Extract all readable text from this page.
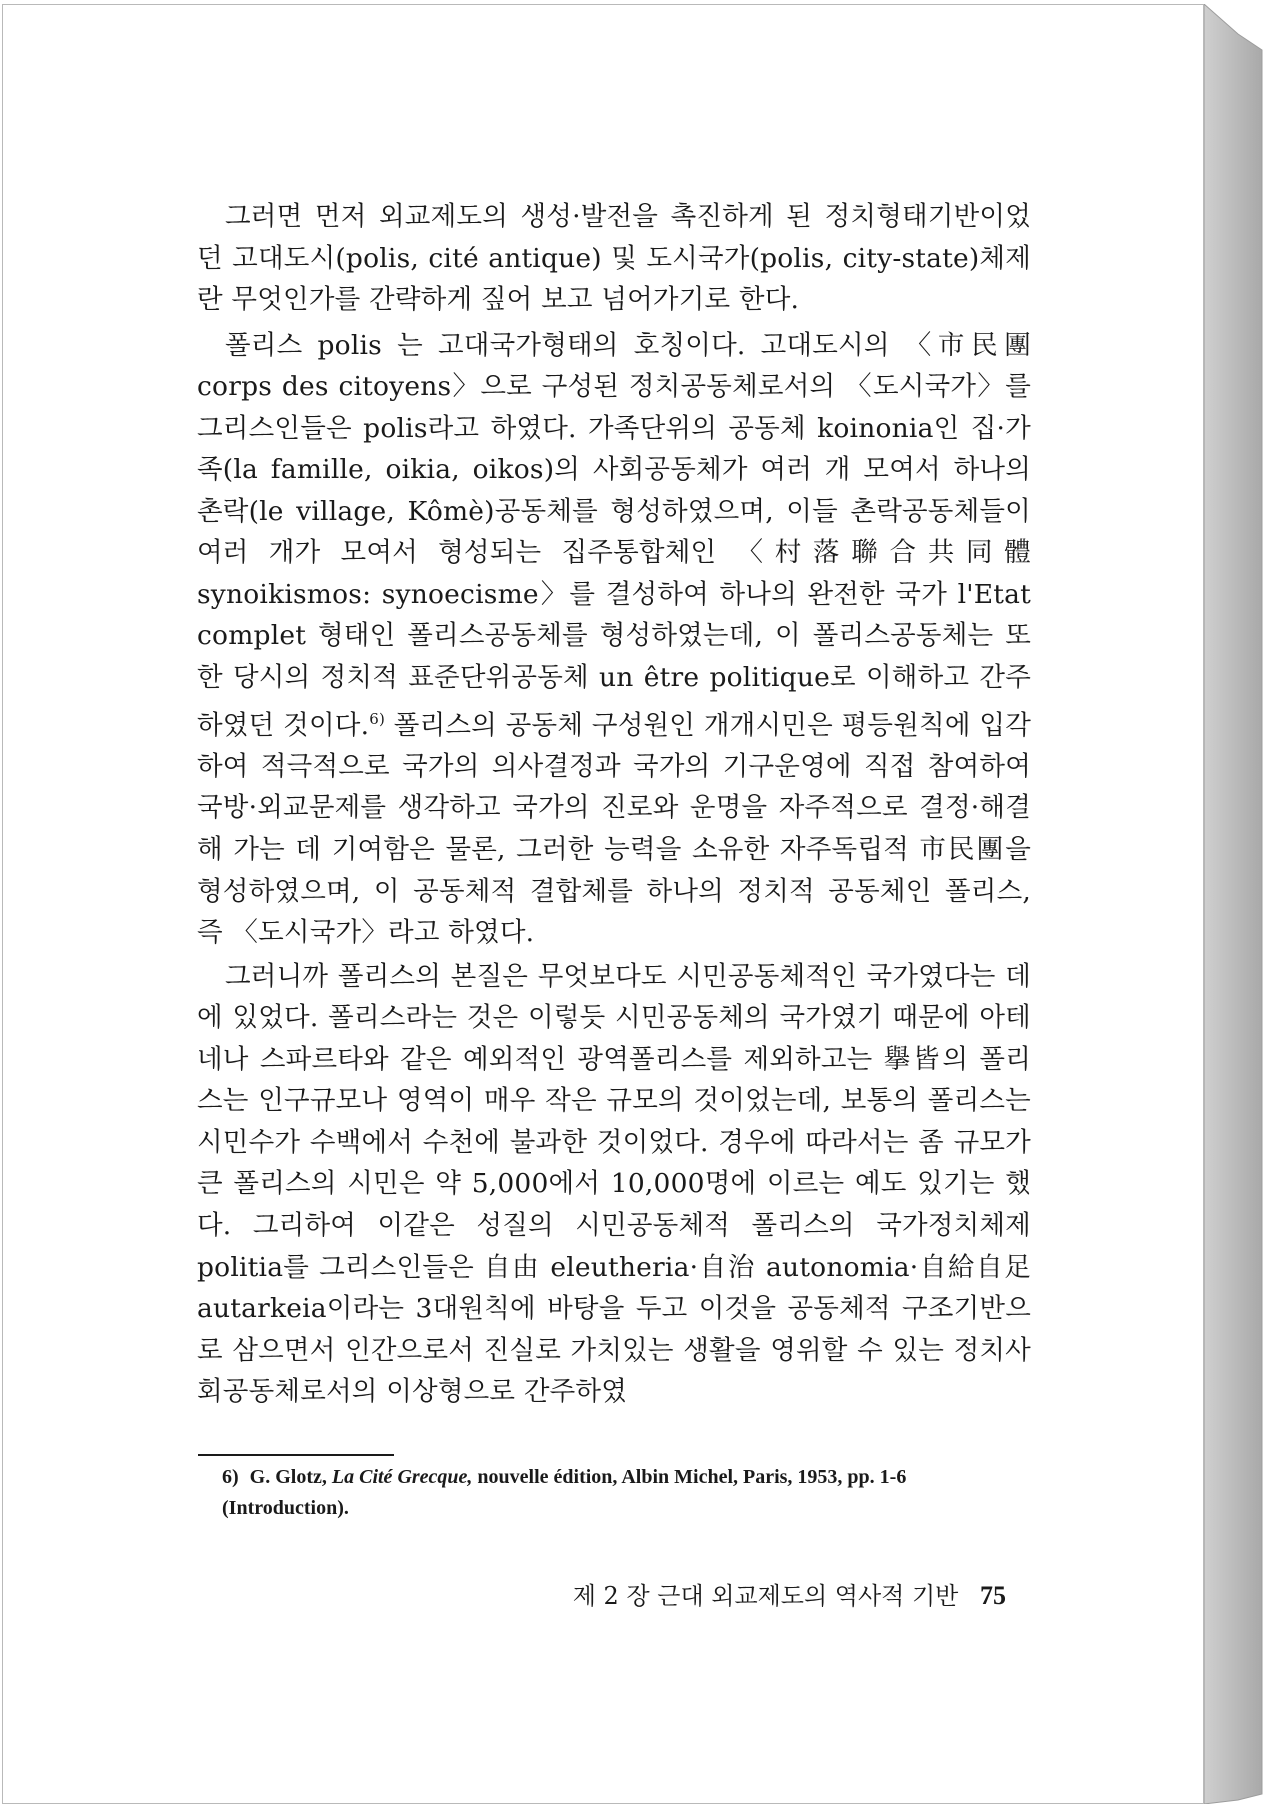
그러면 먼저 외교제도의 생성·발전을 촉진하게 된 정치형태기반이었던 고대도시(polis, cité antique) 및 도시국가(polis, city-state)체제란 무엇인가를 간략하게 짚어 보고 넘어가기로 한다.

폴리스 polis 는 고대국가형태의 호칭이다. 고대도시의 〈市民團 corps des citoyens〉으로 구성된 정치공동체로서의 〈도시국가〉를 그리스인들은 polis라고 하였다. 가족단위의 공동체 koinonia인 집·가족(la famille, oikia, oikos)의 사회공동체가 여러 개 모여서 하나의 촌락(le village, Kômè)공동체를 형성하였으며, 이들 촌락공동체들이 여러 개가 모여서 형성되는 집주통합체인 〈村落聯合共同體 synoikismos: synoecisme〉를 결성하여 하나의 완전한 국가 l'Etat complet 형태인 폴리스공동체를 형성하였는데, 이 폴리스공동체는 또한 당시의 정치적 표준단위공동체 un être politique로 이해하고 간주하였던 것이다.$^{6)}$ 폴리스의 공동체 구성원인 개개시민은 평등원칙에 입각하여 적극적으로 국가의 의사결정과 국가의 기구운영에 직접 참여하여 국방·외교문제를 생각하고 국가의 진로와 운명을 자주적으로 결정·해결해 가는 데 기여함은 물론, 그러한 능력을 소유한 자주독립적 市民團을 형성하였으며, 이 공동체적 결합체를 하나의 정치적 공동체인 폴리스, 즉 〈도시국가〉라고 하였다.

그러니까 폴리스의 본질은 무엇보다도 시민공동체적인 국가였다는 데에 있었다. 폴리스라는 것은 이렇듯 시민공동체의 국가였기 때문에 아테네나 스파르타와 같은 예외적인 광역폴리스를 제외하고는 擧皆의 폴리스는 인구규모나 영역이 매우 작은 규모의 것이었는데, 보통의 폴리스는 시민수가 수백에서 수천에 불과한 것이었다. 경우에 따라서는 좀 규모가 큰 폴리스의 시민은 약 5,000에서 10,000명에 이르는 예도 있기는 했다. 그리하여 이같은 성질의 시민공동체적 폴리스의 국가정치체제 politia를 그리스인들은 自由 eleutheria·自治 autonomia·自給自足 autarkeia이라는 3대원칙에 바탕을 두고 이것을 공동체적 구조기반으로 삼으면서 인간으로서 진실로 가치있는 생활을 영위할 수 있는 정치사회공동체로서의 이상형으로 간주하였

6) G. Glotz, La Cité Grecque, nouvelle édition, Albin Michel, Paris, 1953, pp. 1-6 (Introduction).
제 2 장 근대 외교제도의 역사적 기반 75
